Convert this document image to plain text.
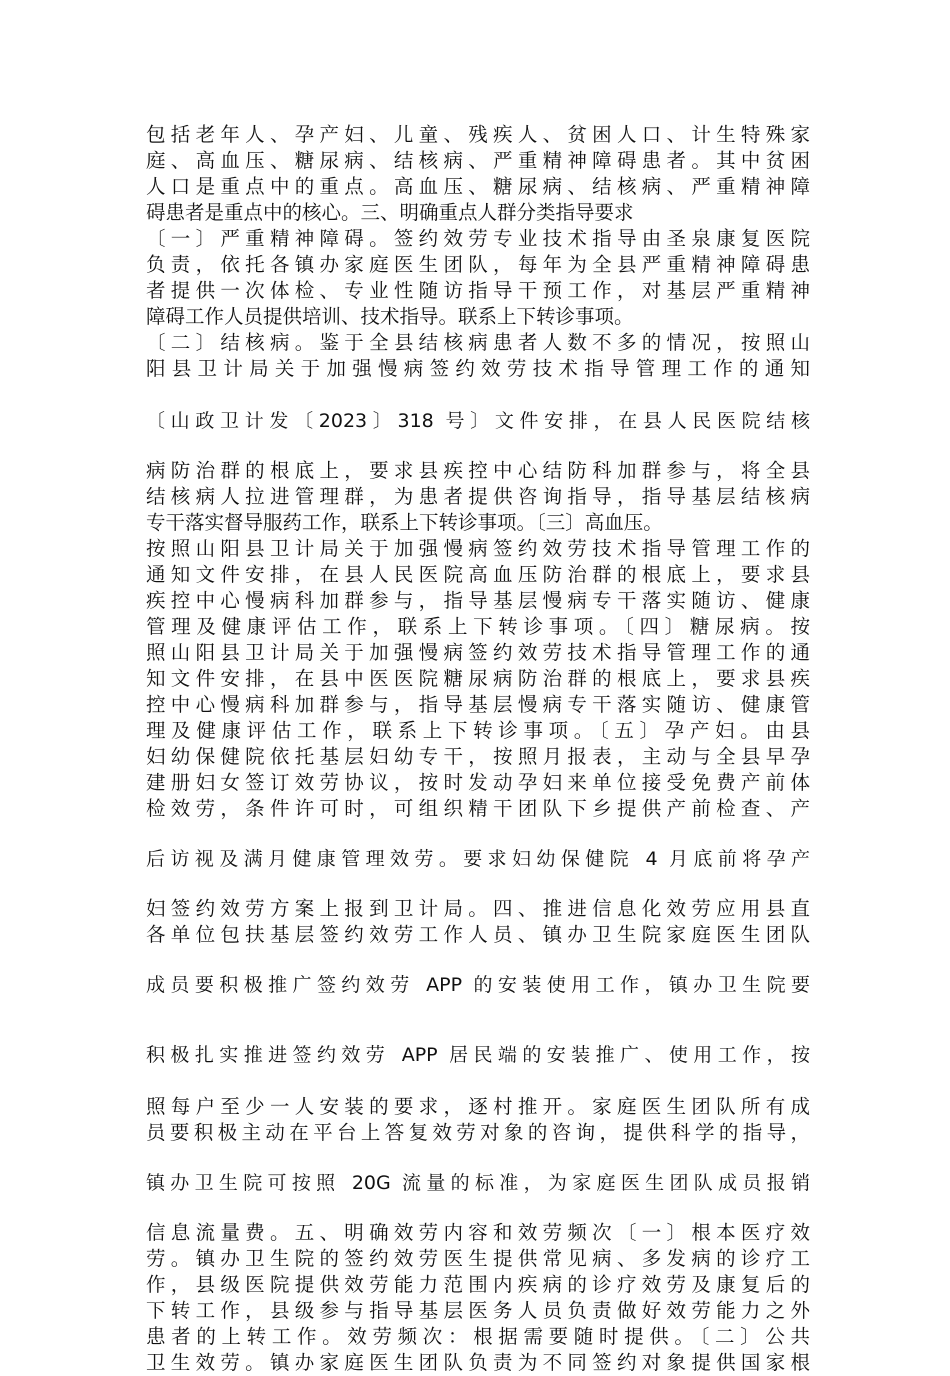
包括老年人、孕产妇、儿童、残疾人、贫困人口、计生特殊家
庭、高血压、糖尿病、结核病、严重精神障碍患者。其中贫困
人口是重点中的重点。高血压、糖尿病、结核病、严重精神障
碍患者是重点中的核心。三、明确重点人群分类指导要求
〔一〕严重精神障碍。签约效劳专业技术指导由圣泉康复医院
负责，依托各镇办家庭医生团队，每年为全县严重精神障碍患
者提供一次体检、专业性随访指导干预工作，对基层严重精神
障碍工作人员提供培训、技术指导。联系上下转诊事项。
〔二〕结核病。鉴于全县结核病患者人数不多的情况，按照山
阳县卫计局关于加强慢病签约效劳技术指导管理工作的通知
〔山政卫计发〔2023〕318 号〕文件安排，在县人民医院结核
病防治群的根底上，要求县疾控中心结防科加群参与，将全县
结核病人拉进管理群，为患者提供咨询指导，指导基层结核病
专干落实督导服药工作，联系上下转诊事项。〔三〕高血压。
按照山阳县卫计局关于加强慢病签约效劳技术指导管理工作的
通知文件安排，在县人民医院高血压防治群的根底上，要求县
疾控中心慢病科加群参与，指导基层慢病专干落实随访、健康
管理及健康评估工作，联系上下转诊事项。〔四〕糖尿病。按
照山阳县卫计局关于加强慢病签约效劳技术指导管理工作的通
知文件安排，在县中医医院糖尿病防治群的根底上，要求县疾
控中心慢病科加群参与，指导基层慢病专干落实随访、健康管
理及健康评估工作，联系上下转诊事项。〔五〕孕产妇。由县
妇幼保健院依托基层妇幼专干，按照月报表，主动与全县早孕
建册妇女签订效劳协议，按时发动孕妇来单位接受免费产前体
检效劳，条件许可时，可组织精干团队下乡提供产前检查、产
后访视及满月健康管理效劳。要求妇幼保健院 4 月底前将孕产
妇签约效劳方案上报到卫计局。四、推进信息化效劳应用县直
各单位包扶基层签约效劳工作人员、镇办卫生院家庭医生团队
成员要积极推广签约效劳 APP 的安装使用工作，镇办卫生院要
积极扎实推进签约效劳 APP 居民端的安装推广、使用工作，按
照每户至少一人安装的要求，逐村推开。家庭医生团队所有成
员要积极主动在平台上答复效劳对象的咨询，提供科学的指导，
镇办卫生院可按照 20G 流量的标准，为家庭医生团队成员报销
信息流量费。五、明确效劳内容和效劳频次〔一〕根本医疗效
劳。镇办卫生院的签约效劳医生提供常见病、多发病的诊疗工
作，县级医院提供效劳能力范围内疾病的诊疗效劳及康复后的
下转工作，县级参与指导基层医务人员负责做好效劳能力之外
患者的上转工作。效劳频次：根据需要随时提供。〔二〕公共
卫生效劳。镇办家庭医生团队负责为不同签约对象提供国家根
